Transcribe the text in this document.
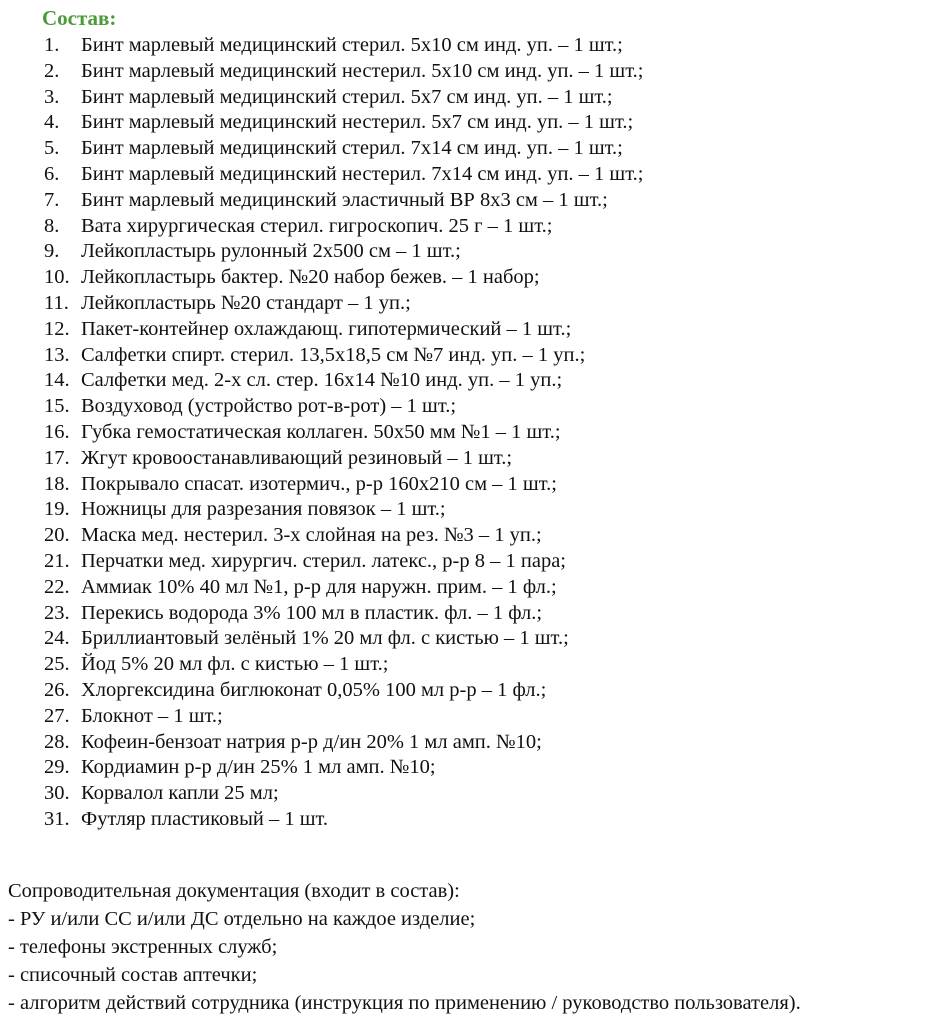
Состав:
1. Бинт марлевый медицинский стерил. 5х10 см инд. уп. – 1 шт.;
2. Бинт марлевый медицинский нестерил. 5х10 см инд. уп. – 1 шт.;
3. Бинт марлевый медицинский стерил. 5х7 см инд. уп. – 1 шт.;
4. Бинт марлевый медицинский нестерил. 5х7 см инд. уп. – 1 шт.;
5. Бинт марлевый медицинский стерил. 7х14 см инд. уп. – 1 шт.;
6. Бинт марлевый медицинский нестерил. 7х14 см инд. уп. – 1 шт.;
7. Бинт марлевый медицинский эластичный ВР 8х3 см – 1 шт.;
8. Вата хирургическая стерил. гигроскопич. 25 г – 1 шт.;
9. Лейкопластырь рулонный 2х500 см – 1 шт.;
10. Лейкопластырь бактер. №20 набор бежев. – 1 набор;
11. Лейкопластырь №20 стандарт – 1 уп.;
12. Пакет-контейнер охлаждающ. гипотермический – 1 шт.;
13. Салфетки спирт. стерил. 13,5х18,5 см №7 инд. уп. – 1 уп.;
14. Салфетки мед. 2-х сл. стер. 16х14 №10 инд. уп. – 1 уп.;
15. Воздуховод (устройство рот-в-рот) – 1 шт.;
16. Губка гемостатическая коллаген. 50х50 мм №1 – 1 шт.;
17. Жгут кровоостанавливающий резиновый – 1 шт.;
18. Покрывало спасат. изотермич., р-р 160х210 см – 1 шт.;
19. Ножницы для разрезания повязок – 1 шт.;
20. Маска мед. нестерил. 3-х слойная на рез. №3 – 1 уп.;
21. Перчатки мед. хирургич. стерил. латекс., р-р 8 – 1 пара;
22. Аммиак 10% 40 мл №1, р-р для наружн. прим. – 1 фл.;
23. Перекись водорода 3% 100 мл в пластик. фл. – 1 фл.;
24. Бриллиантовый зелёный 1% 20 мл фл. с кистью – 1 шт.;
25. Йод 5% 20 мл фл. с кистью – 1 шт.;
26. Хлоргексидина биглюконат 0,05% 100 мл р-р – 1 фл.;
27. Блокнот – 1 шт.;
28. Кофеин-бензоат натрия р-р д/ин 20% 1 мл амп. №10;
29. Кордиамин р-р д/ин 25% 1 мл амп. №10;
30. Корвалол капли 25 мл;
31. Футляр пластиковый – 1 шт.
Сопроводительная документация (входит в состав):
- РУ и/или СС и/или ДС отдельно на каждое изделие;
- телефоны экстренных служб;
- списочный состав аптечки;
- алгоритм действий сотрудника (инструкция по применению / руководство пользователя).
